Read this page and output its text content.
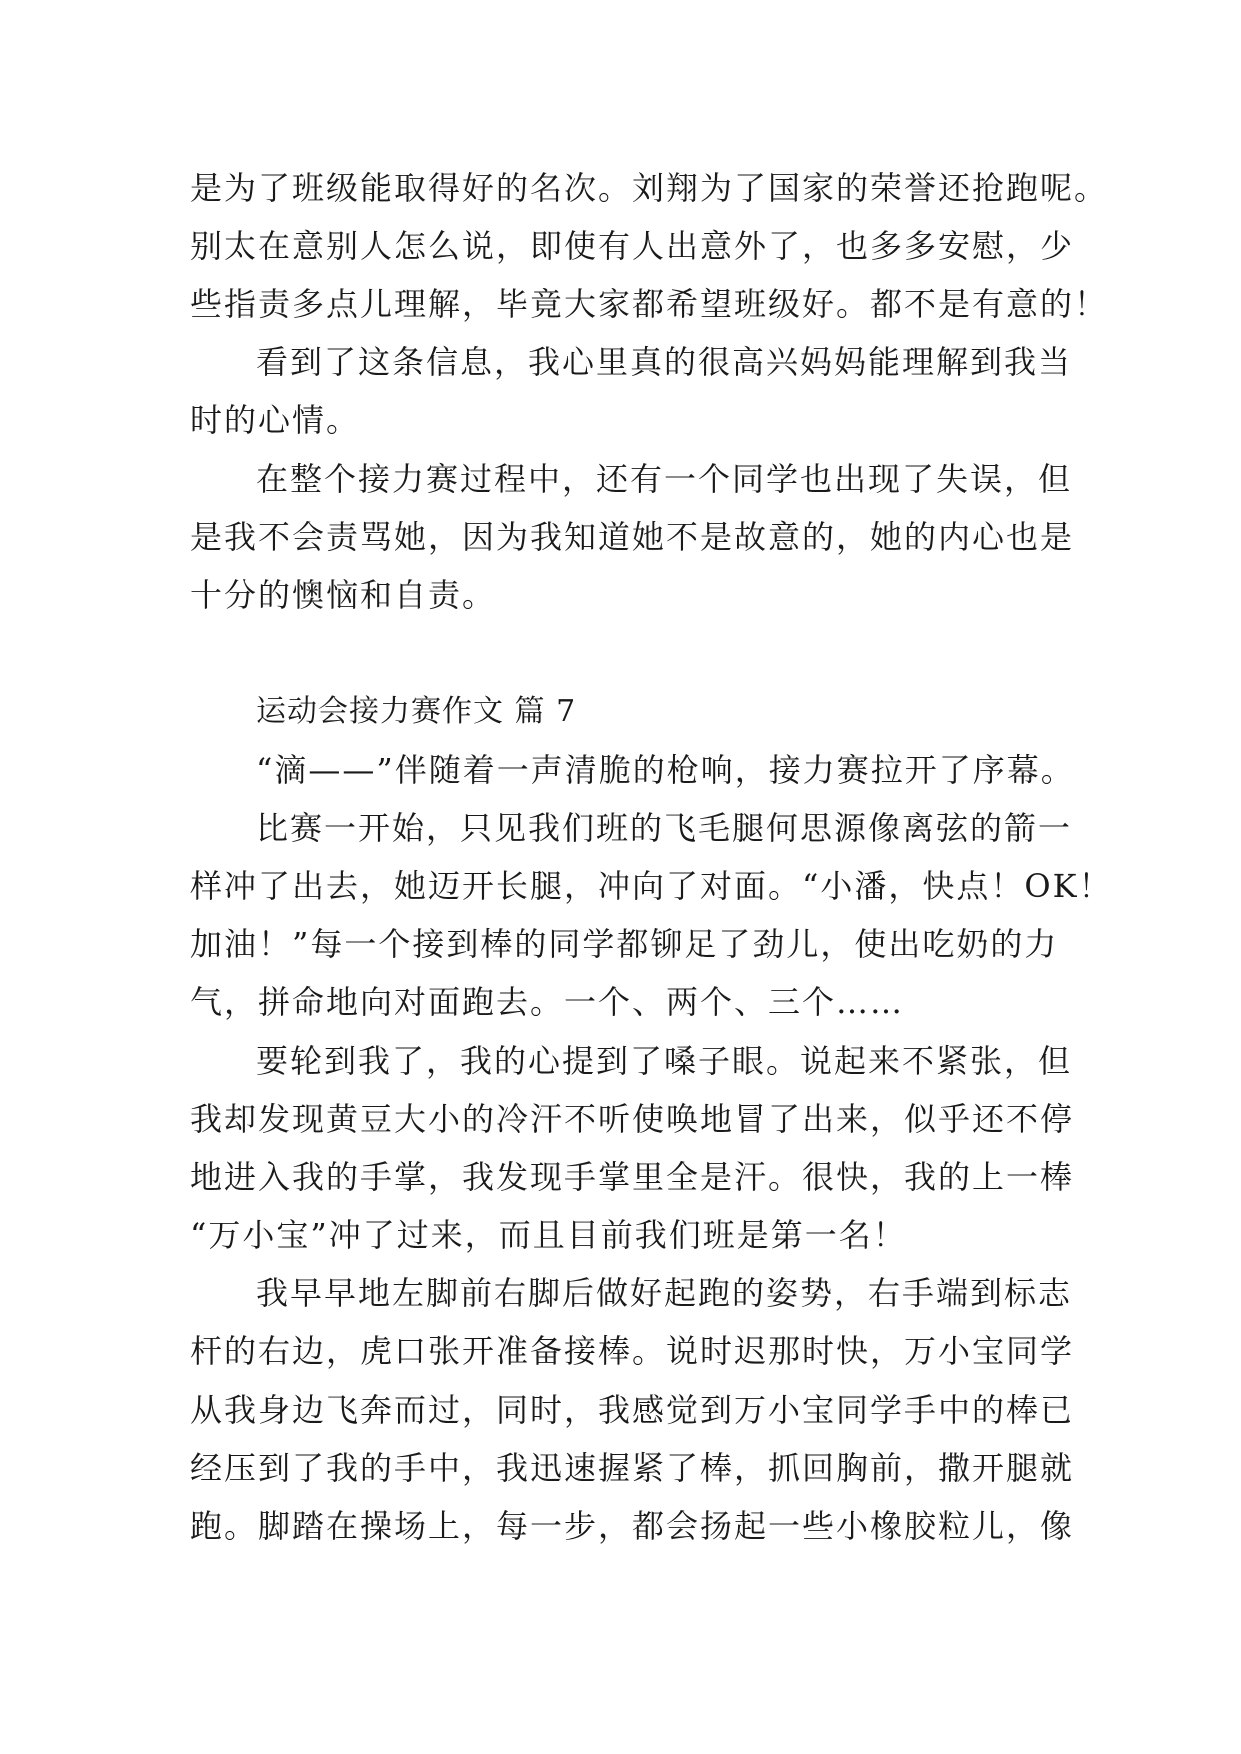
是为了班级能取得好的名次。刘翔为了国家的荣誉还抢跑呢。
别太在意别人怎么说，即使有人出意外了，也多多安慰，少
些指责多点儿理解，毕竟大家都希望班级好。都不是有意的！
看到了这条信息，我心里真的很高兴妈妈能理解到我当
时的心情。
在整个接力赛过程中，还有一个同学也出现了失误，但
是我不会责骂她，因为我知道她不是故意的，她的内心也是
十分的懊恼和自责。
运动会接力赛作文 篇 7
“滴——”伴随着一声清脆的枪响，接力赛拉开了序幕。
比赛一开始，只见我们班的飞毛腿何思源像离弦的箭一
样冲了出去，她迈开长腿，冲向了对面。“小潘，快点！OK！
加油！”每一个接到棒的同学都铆足了劲儿，使出吃奶的力
气，拼命地向对面跑去。一个、两个、三个……
要轮到我了，我的心提到了嗓子眼。说起来不紧张，但
我却发现黄豆大小的冷汗不听使唤地冒了出来，似乎还不停
地进入我的手掌，我发现手掌里全是汗。很快，我的上一棒
“万小宝”冲了过来，而且目前我们班是第一名！
我早早地左脚前右脚后做好起跑的姿势，右手端到标志
杆的右边，虎口张开准备接棒。说时迟那时快，万小宝同学
从我身边飞奔而过，同时，我感觉到万小宝同学手中的棒已
经压到了我的手中，我迅速握紧了棒，抓回胸前，撒开腿就
跑。脚踏在操场上，每一步，都会扬起一些小橡胶粒儿，像
